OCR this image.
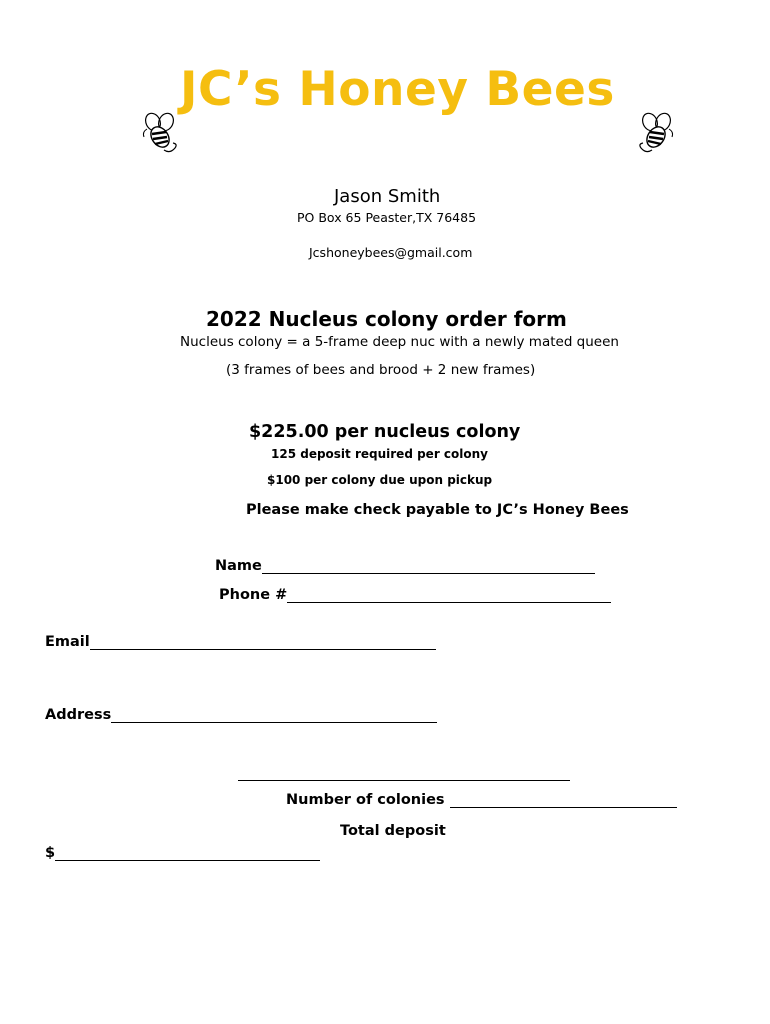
JC’s Honey Bees
Jason Smith
PO Box 65 Peaster,TX 76485
Jcshoneybees@gmail.com
2022 Nucleus colony order form
Nucleus colony = a 5-frame deep nuc with a newly mated queen
(3 frames of bees and brood + 2 new frames)
$225.00 per nucleus colony
125 deposit required per colony
$100 per colony due upon pickup
Please make check payable to JC’s Honey Bees
Name
Phone #
Email
Address
Number of colonies
Total deposit
$
